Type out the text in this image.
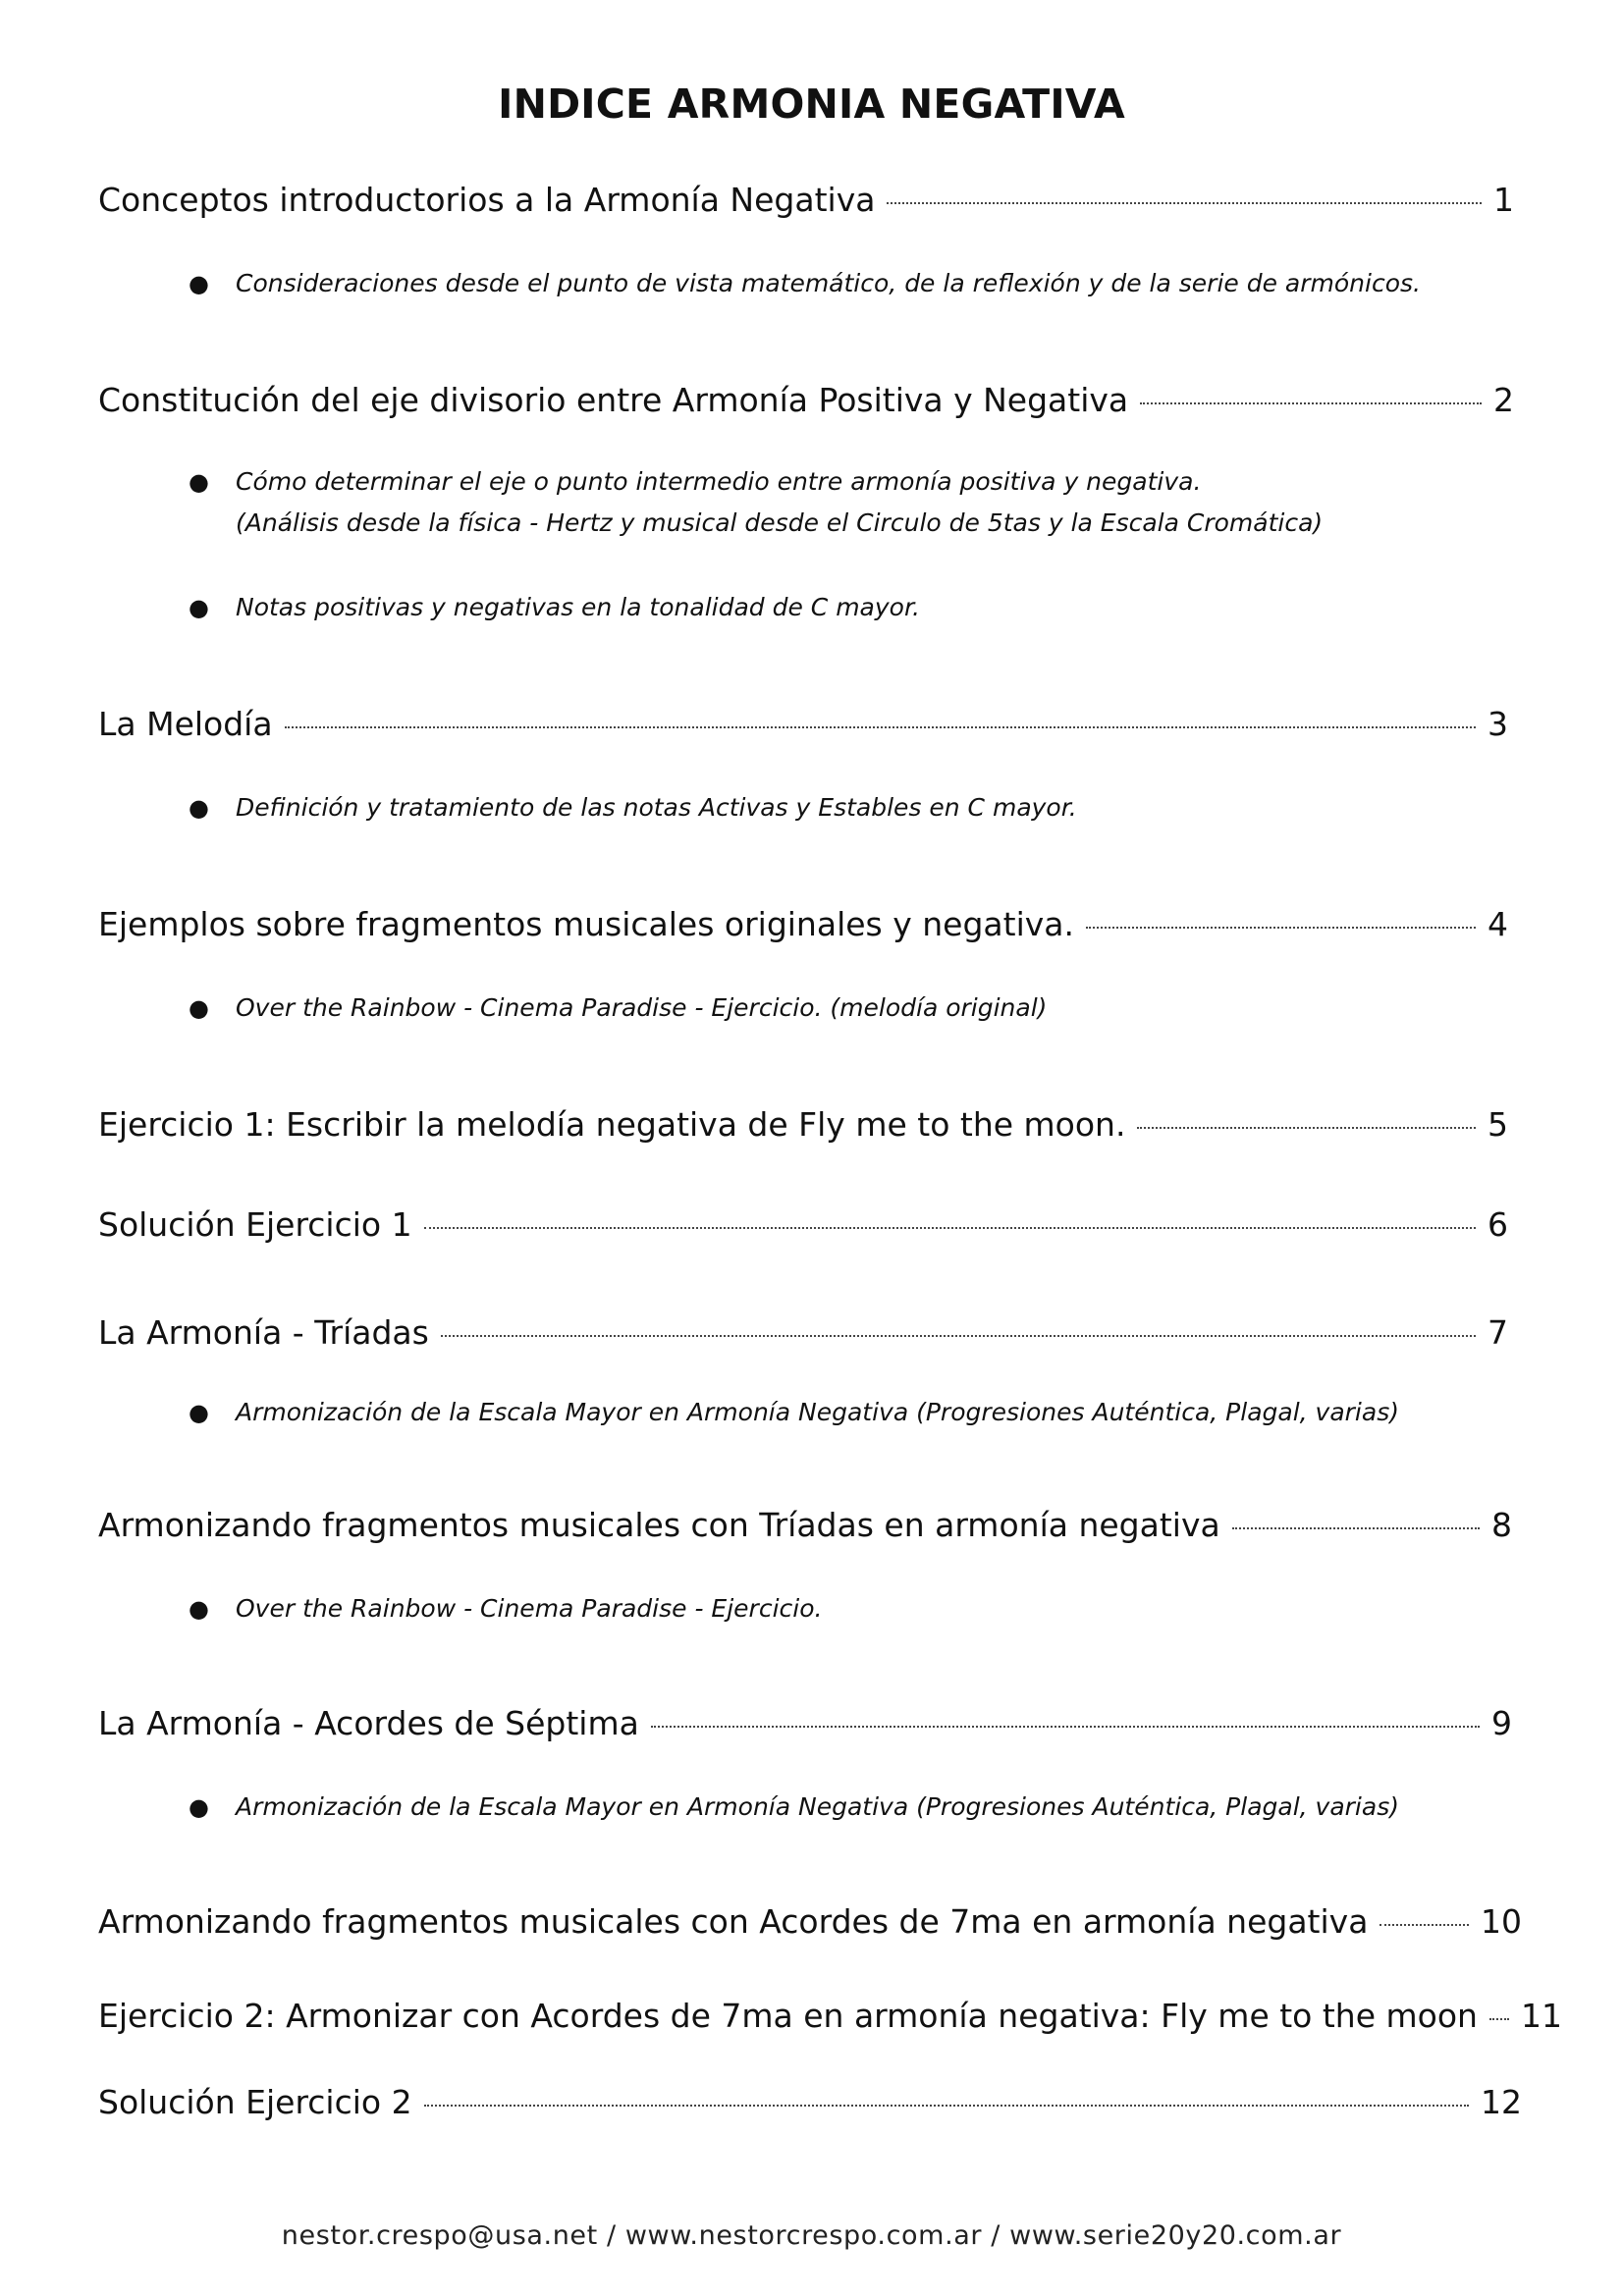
INDICE ARMONIA NEGATIVA
Conceptos introductorios a la Armonía Negativa	1
● Consideraciones desde el punto de vista matemático, de la reflexión y de la serie de armónicos.
Constitución del eje divisorio entre Armonía Positiva y Negativa	2
● Cómo determinar el eje o punto intermedio entre armonía positiva y negativa.
(Análisis desde la física - Hertz y musical desde el Circulo de 5tas y la Escala Cromática)
● Notas positivas y negativas en la tonalidad de C mayor.
La Melodía	3
● Definición y tratamiento de las notas Activas y Estables en C mayor.
Ejemplos sobre fragmentos musicales originales y negativa.	4
● Over the Rainbow - Cinema Paradise - Ejercicio. (melodía original)
Ejercicio 1: Escribir la melodía negativa de Fly me to the moon.	5
Solución Ejercicio 1	6
La Armonía - Tríadas	7
● Armonización de la Escala Mayor en Armonía Negativa (Progresiones Auténtica, Plagal, varias)
Armonizando fragmentos musicales con Tríadas en armonía negativa	8
● Over the Rainbow - Cinema Paradise - Ejercicio.
La Armonía - Acordes de Séptima	9
● Armonización de la Escala Mayor en Armonía Negativa (Progresiones Auténtica, Plagal, varias)
Armonizando fragmentos musicales con Acordes de 7ma en armonía negativa	10
Ejercicio 2: Armonizar con Acordes de 7ma en armonía negativa: Fly me to the moon 11
Solución Ejercicio 2	12
nestor.crespo@usa.net / www.nestorcrespo.com.ar / www.serie20y20.com.ar
